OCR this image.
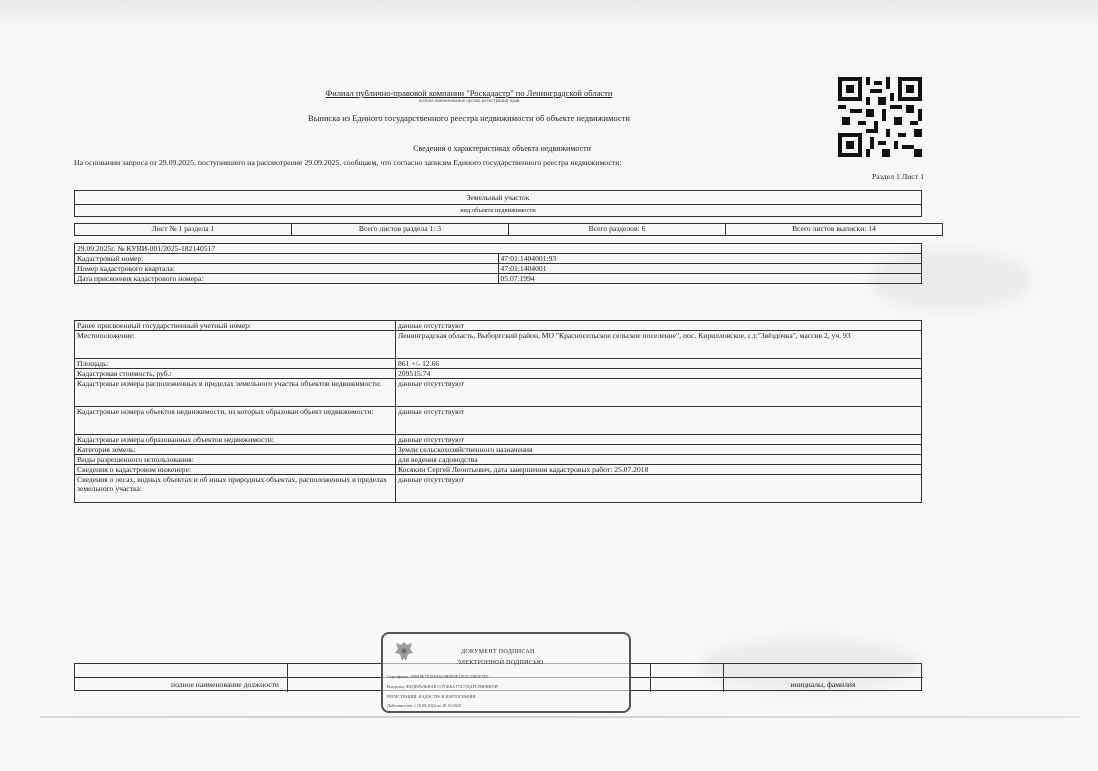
Филиал публично-правовой компании "Роскадастр" по Ленинградской области
полное наименование органа регистрации прав
Выписка из Единого государственного реестра недвижимости об объекте недвижимости
Сведения о характеристиках объекта недвижимости
На основании запроса от 29.09.2025, поступившего на рассмотрение 29.09.2025, сообщаем, что согласно записям Единого государственного реестра недвижимости:
Раздел 1 Лист 1
Земельный участок
вид объекта недвижимости
Лист № 1 раздела 1	Всего листов раздела 1: 3	Всего разделов: 6	Всего листов выписки: 14
29.09.2025г. № КУВИ-001/2025-182140517	
Кадастровый номер:	47:01:1404001:93
Номер кадастрового квартала:	47:01:1404001
Дата присвоения кадастрового номера:	05.07.1994
Ранее присвоенный государственный учетный номер:	данные отсутствуют
Местоположение:	Ленинградская область, Выборгский район, МО "Красносельское сельское поселение", пос. Кирилловское, с.т."Звёздочка", массив 2, уч. 93
Площадь:	861 +/- 12.66
Кадастровая стоимость, руб.:	209515.74
Кадастровые номера расположенных в пределах земельного участка объектов недвижимости:	данные отсутствуют
Кадастровые номера объектов недвижимости, из которых образован объект недвижимости:	данные отсутствуют
Кадастровые номера образованных объектов недвижимости:	данные отсутствуют
Категория земель:	Земли сельскохозяйственного назначения
Виды разрешенного использования:	для ведения садоводства
Сведения о кадастровом инженере:	Косякин Сергей Леонтьевич, дата завершения кадастровых работ: 25.07.2018
Сведения о лесах, водных объектах и об иных природных объектах, расположенных в пределах земельного участка:	данные отсутствуют
полное наименование должности	инициалы, фамилия
ДОКУМЕНТ ПОДПИСАН
ЭЛЕКТРОННОЙ ПОДПИСЬЮ
Сертификат: 008A9E7E1F4A6C0B9D5E11F3C25B0D7E9
Владелец: ФЕДЕРАЛЬНАЯ СЛУЖБА ГОСУДАРСТВЕННОЙ
РЕГИСТРАЦИИ, КАДАСТРА И КАРТОГРАФИИ
Действителен: с 10.08.2024 по 28.10.2025
